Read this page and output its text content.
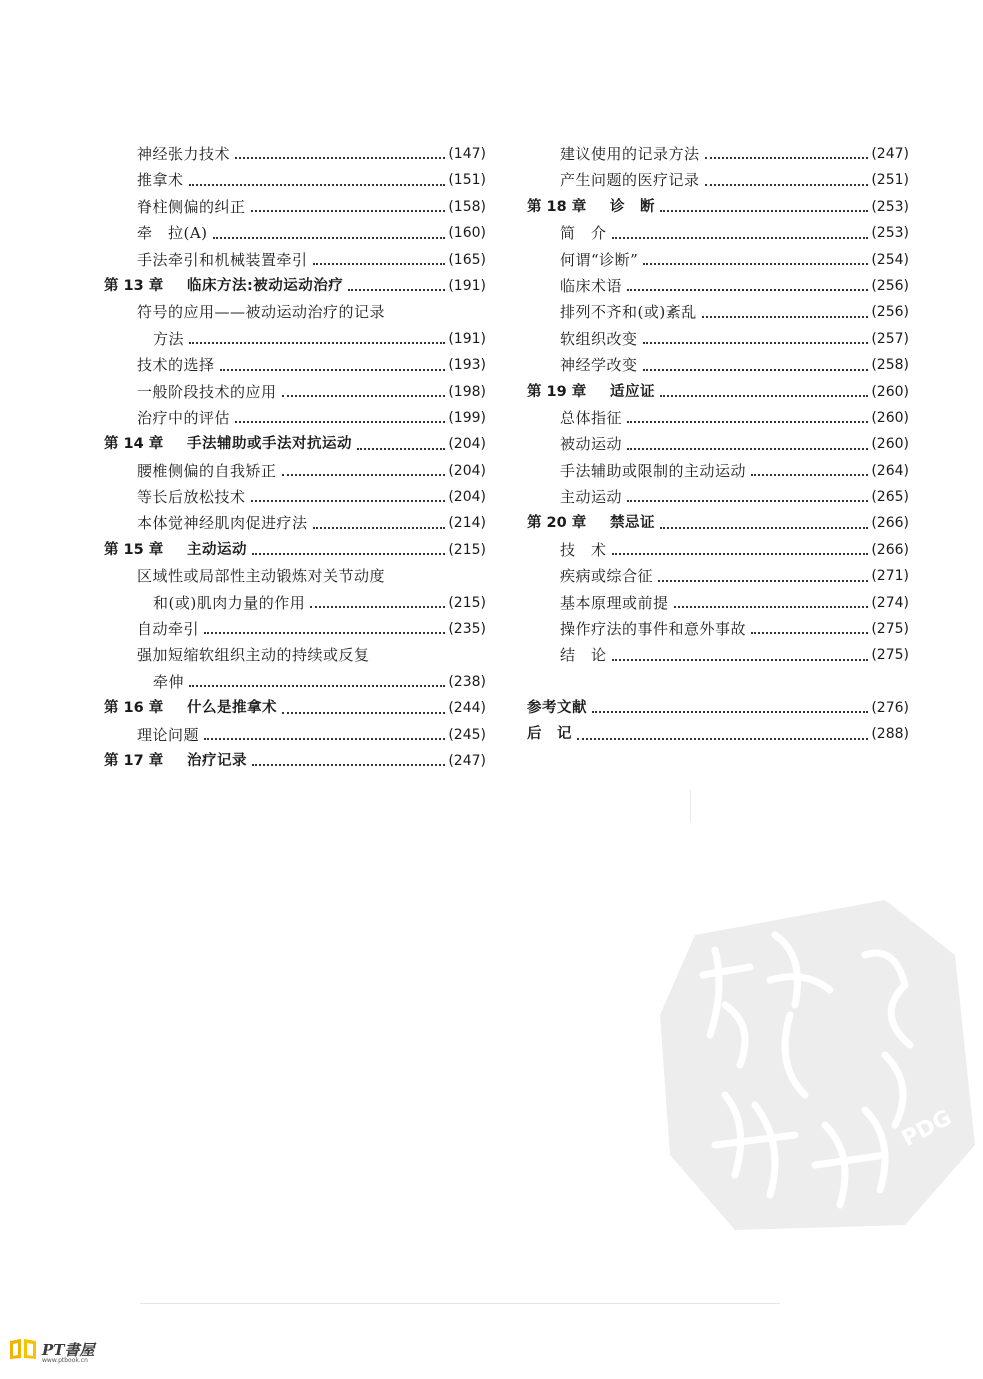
神经张力技术	(147)
推拿术	(151)
脊柱侧偏的纠正	(158)
牵　拉(A)	(160)
手法牵引和机械装置牵引	(165)
第 13 章	临床方法:被动运动治疗	(191)
符号的应用——被动运动治疗的记录
方法	(191)
技术的选择	(193)
一般阶段技术的应用	(198)
治疗中的评估	(199)
第 14 章	手法辅助或手法对抗运动	(204)
腰椎侧偏的自我矫正	(204)
等长后放松技术	(204)
本体觉神经肌肉促进疗法	(214)
第 15 章	主动运动	(215)
区域性或局部性主动锻炼对关节动度
和(或)肌肉力量的作用	(215)
自动牵引	(235)
强加短缩软组织主动的持续或反复
牵伸	(238)
第 16 章	什么是推拿术	(244)
理论问题	(245)
第 17 章	治疗记录	(247)
建议使用的记录方法	(247)
产生问题的医疗记录	(251)
第 18 章	诊　断	(253)
简　介	(253)
何谓“诊断”	(254)
临床术语	(256)
排列不齐和(或)紊乱	(256)
软组织改变	(257)
神经学改变	(258)
第 19 章	适应证	(260)
总体指征	(260)
被动运动	(260)
手法辅助或限制的主动运动	(264)
主动运动	(265)
第 20 章	禁忌证	(266)
技　术	(266)
疾病或综合征	(271)
基本原理或前提	(274)
操作疗法的事件和意外事故	(275)
结　论	(275)
参考文献	(276)
后　记	(288)
PDG
PT書屋
www.ptbook.cn
